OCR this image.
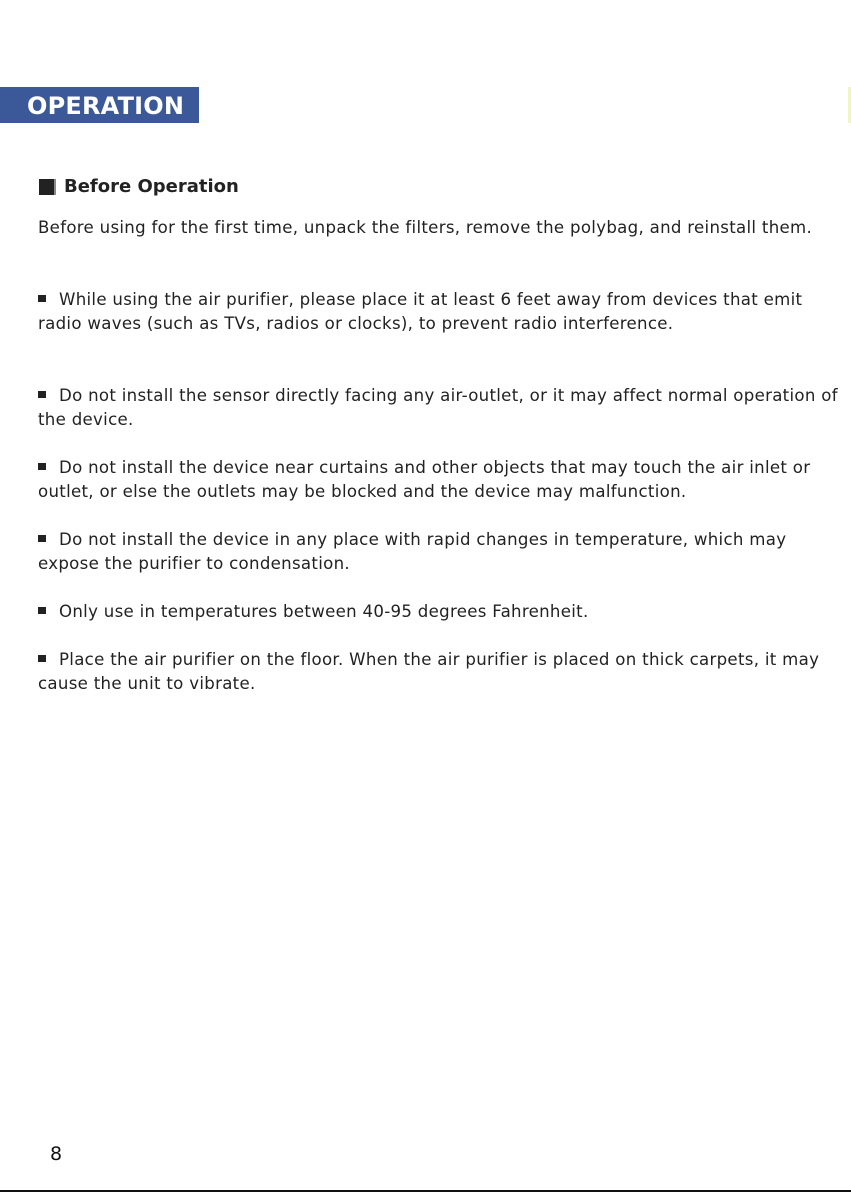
OPERATION
Before Operation

Before using for the first time, unpack the filters, remove the polybag, and reinstall them.

While using the air purifier, please place it at least 6 feet away from devices that emit radio waves (such as TVs, radios or clocks), to prevent radio interference.

Do not install the sensor directly facing any air-outlet, or it may affect normal operation of the device.

Do not install the device near curtains and other objects that may touch the air inlet or outlet, or else the outlets may be blocked and the device may malfunction.

Do not install the device in any place with rapid changes in temperature, which may expose the purifier to condensation.

Only use in temperatures between 40-95 degrees Fahrenheit.

Place the air purifier on the floor. When the air purifier is placed on thick carpets, it may cause the unit to vibrate.

8
